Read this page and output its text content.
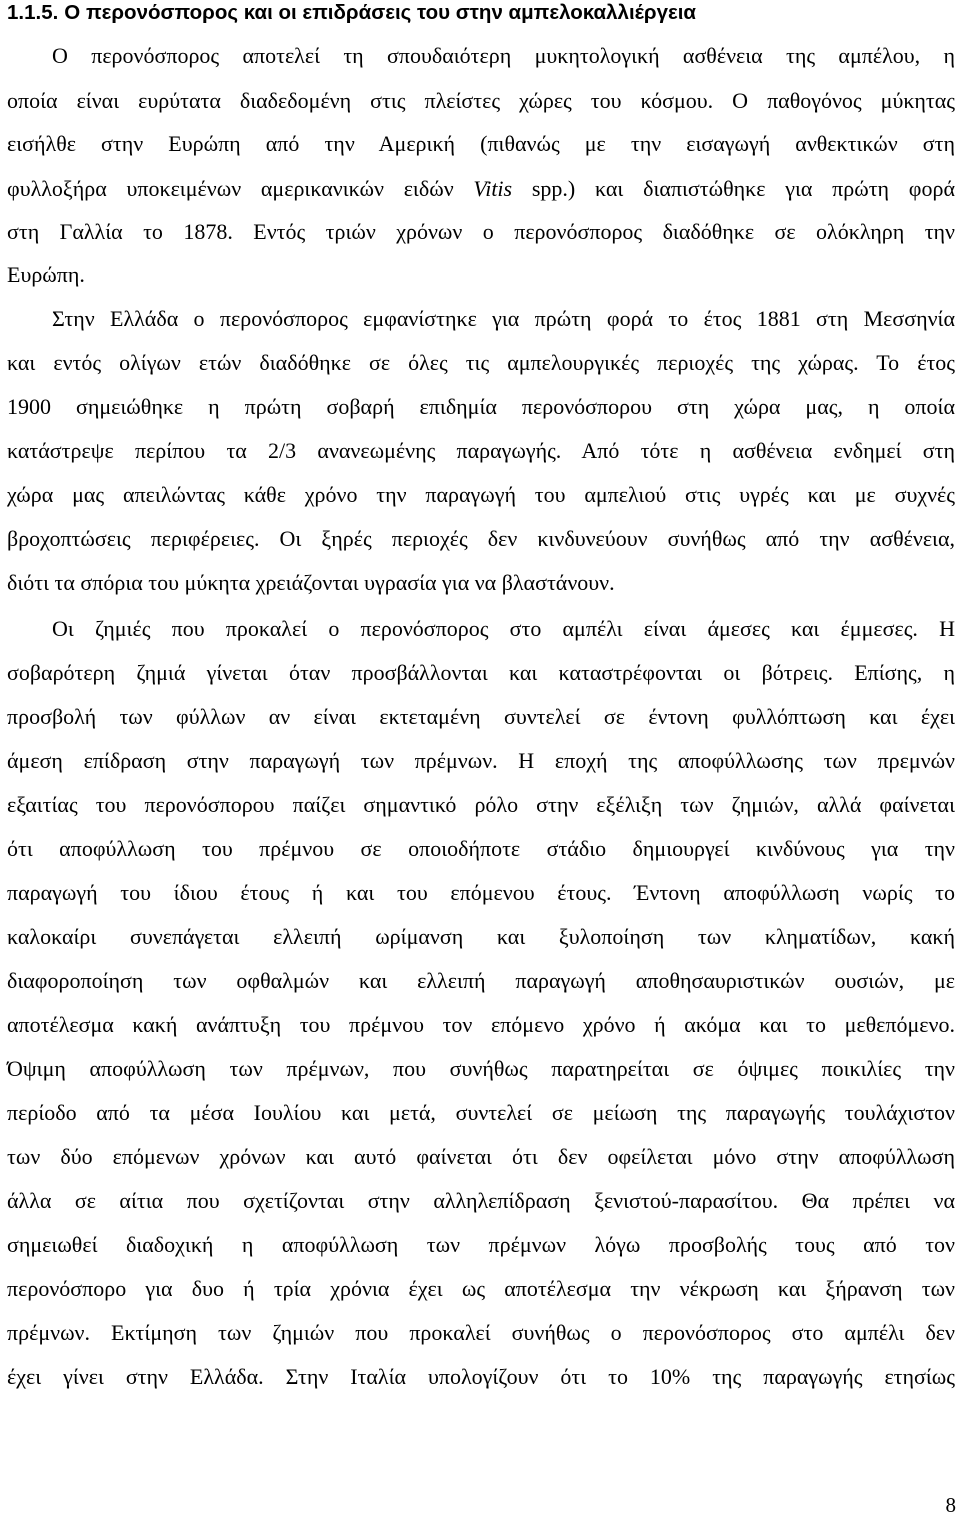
1.1.5. Ο περονόσπορος και οι επιδράσεις του στην αμπελοκαλλιέργεια
Ο περονόσπορος αποτελεί τη σπουδαιότερη μυκητολογική ασθένεια της αμπέλου, η
οποία είναι ευρύτατα διαδεδομένη στις πλείστες χώρες του κόσμου. Ο παθογόνος μύκητας
εισήλθε στην Ευρώπη από την Αμερική (πιθανώς με την εισαγωγή ανθεκτικών στη
φυλλοξήρα υποκειμένων αμερικανικών ειδών Vitis spp.) και διαπιστώθηκε για πρώτη φορά
στη Γαλλία το 1878. Εντός τριών χρόνων ο περονόσπορος διαδόθηκε σε ολόκληρη την
Ευρώπη.
Στην Ελλάδα ο περονόσπορος εμφανίστηκε για πρώτη φορά το έτος 1881 στη Μεσσηνία
και εντός ολίγων ετών διαδόθηκε σε όλες τις αμπελουργικές περιοχές της χώρας. Το έτος
1900 σημειώθηκε η πρώτη σοβαρή επιδημία περονόσπορου στη χώρα μας, η οποία
κατάστρεψε περίπου τα 2/3 ανανεωμένης παραγωγής. Από τότε η ασθένεια ενδημεί στη
χώρα μας απειλώντας κάθε χρόνο την παραγωγή του αμπελιού στις υγρές και με συχνές
βροχοπτώσεις περιφέρειες. Οι ξηρές περιοχές δεν κινδυνεύουν συνήθως από την ασθένεια,
διότι τα σπόρια του μύκητα χρειάζονται υγρασία για να βλαστάνουν.
Οι ζημιές που προκαλεί ο περονόσπορος στο αμπέλι είναι άμεσες και έμμεσες. Η
σοβαρότερη ζημιά γίνεται όταν προσβάλλονται και καταστρέφονται οι βότρεις. Επίσης, η
προσβολή των φύλλων αν είναι εκτεταμένη συντελεί σε έντονη φυλλόπτωση και έχει
άμεση επίδραση στην παραγωγή των πρέμνων. Η εποχή της αποφύλλωσης των πρεμνών
εξαιτίας του περονόσπορου παίζει σημαντικό ρόλο στην εξέλιξη των ζημιών, αλλά φαίνεται
ότι αποφύλλωση του πρέμνου σε οποιοδήποτε στάδιο δημιουργεί κινδύνους για την
παραγωγή του ίδιου έτους ή και του επόμενου έτους. Έντονη αποφύλλωση νωρίς το
καλοκαίρι συνεπάγεται ελλειπή ωρίμανση και ξυλοποίηση των κληματίδων, κακή
διαφοροποίηση των οφθαλμών και ελλειπή παραγωγή αποθησαυριστικών ουσιών, με
αποτέλεσμα κακή ανάπτυξη του πρέμνου τον επόμενο χρόνο ή ακόμα και το μεθεπόμενο.
Όψιμη αποφύλλωση των πρέμνων, που συνήθως παρατηρείται σε όψιμες ποικιλίες την
περίοδο από τα μέσα Ιουλίου και μετά, συντελεί σε μείωση της παραγωγής τουλάχιστον
των δύο επόμενων χρόνων και αυτό φαίνεται ότι δεν οφείλεται μόνο στην αποφύλλωση
άλλα σε αίτια που σχετίζονται στην αλληλεπίδραση ξενιστού-παρασίτου. Θα πρέπει να
σημειωθεί διαδοχική η αποφύλλωση των πρέμνων λόγω προσβολής τους από τον
περονόσπορο για δυο ή τρία χρόνια έχει ως αποτέλεσμα την νέκρωση και ξήρανση των
πρέμνων. Εκτίμηση των ζημιών που προκαλεί συνήθως ο περονόσπορος στο αμπέλι δεν
έχει γίνει στην Ελλάδα. Στην Ιταλία υπολογίζουν ότι το 10% της παραγωγής ετησίως
8
